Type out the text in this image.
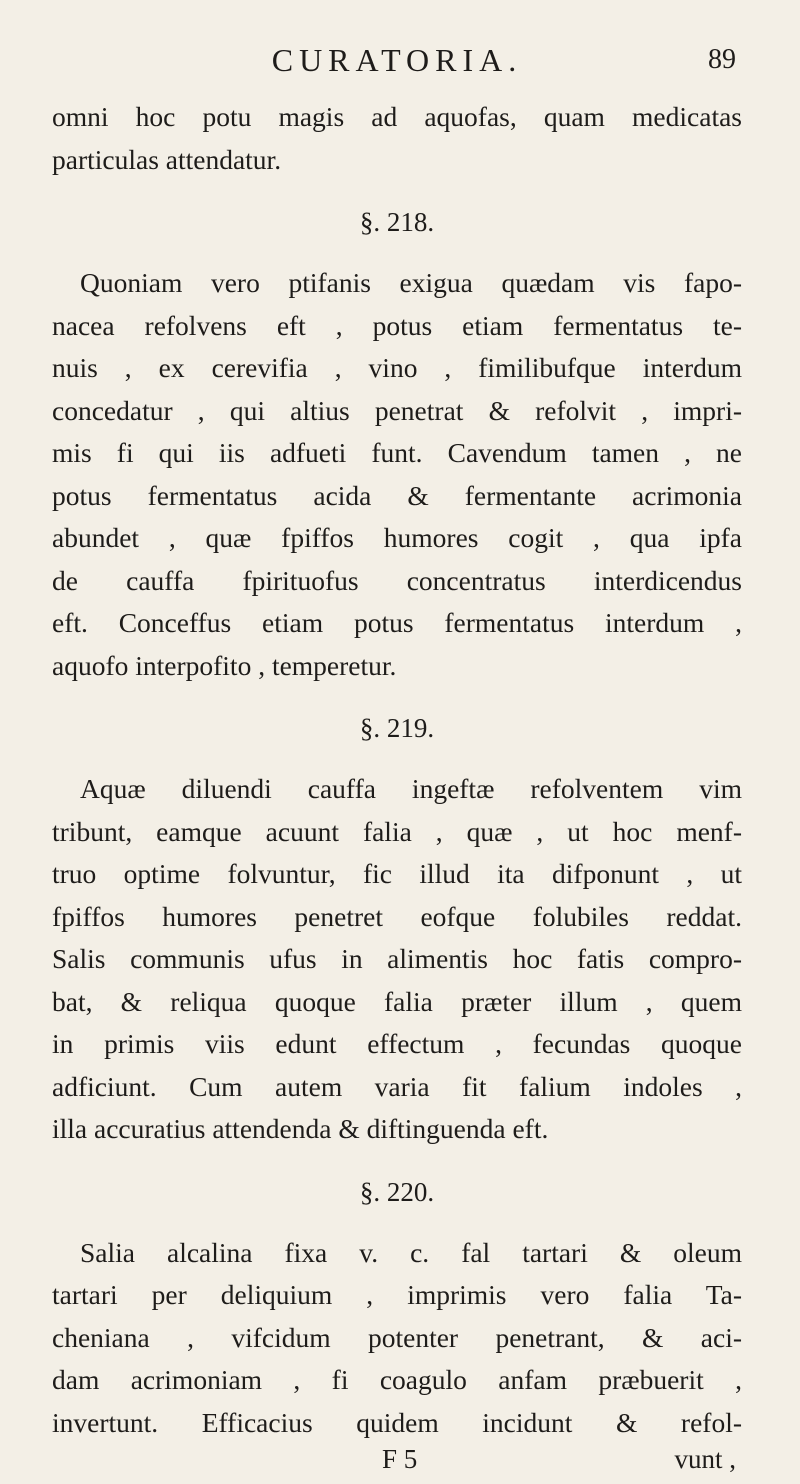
CURATORIA.	89
omni hoc potu magis ad aquofas, quam medicatas
particulas attendatur.
§. 218.
Quoniam vero ptifanis exigua quædam vis fapo-
nacea refolvens eft , potus etiam fermentatus te-
nuis , ex cerevifia , vino , fimilibufque interdum
concedatur , qui altius penetrat & refolvit , impri-
mis fi qui iis adfueti funt. Cavendum tamen , ne
potus fermentatus acida & fermentante acrimonia
abundet , quæ fpiffos humores cogit , qua ipfa
de cauffa fpirituofus concentratus interdicendus
eft. Conceffus etiam potus fermentatus interdum ,
aquofo interpofito , temperetur.
§. 219.
Aquæ diluendi cauffa ingeftæ refolventem vim
tribunt, eamque acuunt falia , quæ , ut hoc menf-
truo optime folvuntur, fic illud ita difponunt , ut
fpiffos humores penetret eofque folubiles reddat.
Salis communis ufus in alimentis hoc fatis compro-
bat, & reliqua quoque falia præter illum , quem
in primis viis edunt effectum , fecundas quoque
adficiunt. Cum autem varia fit falium indoles ,
illa accuratius attendenda & diftinguenda eft.
§. 220.
Salia alcalina fixa v. c. fal tartari & oleum
tartari per deliquium , imprimis vero falia Ta-
cheniana , vifcidum potenter penetrant, & aci-
dam acrimoniam , fi coagulo anfam præbuerit ,
invertunt. Efficacius quidem incidunt & refol-
F 5	vunt ,
